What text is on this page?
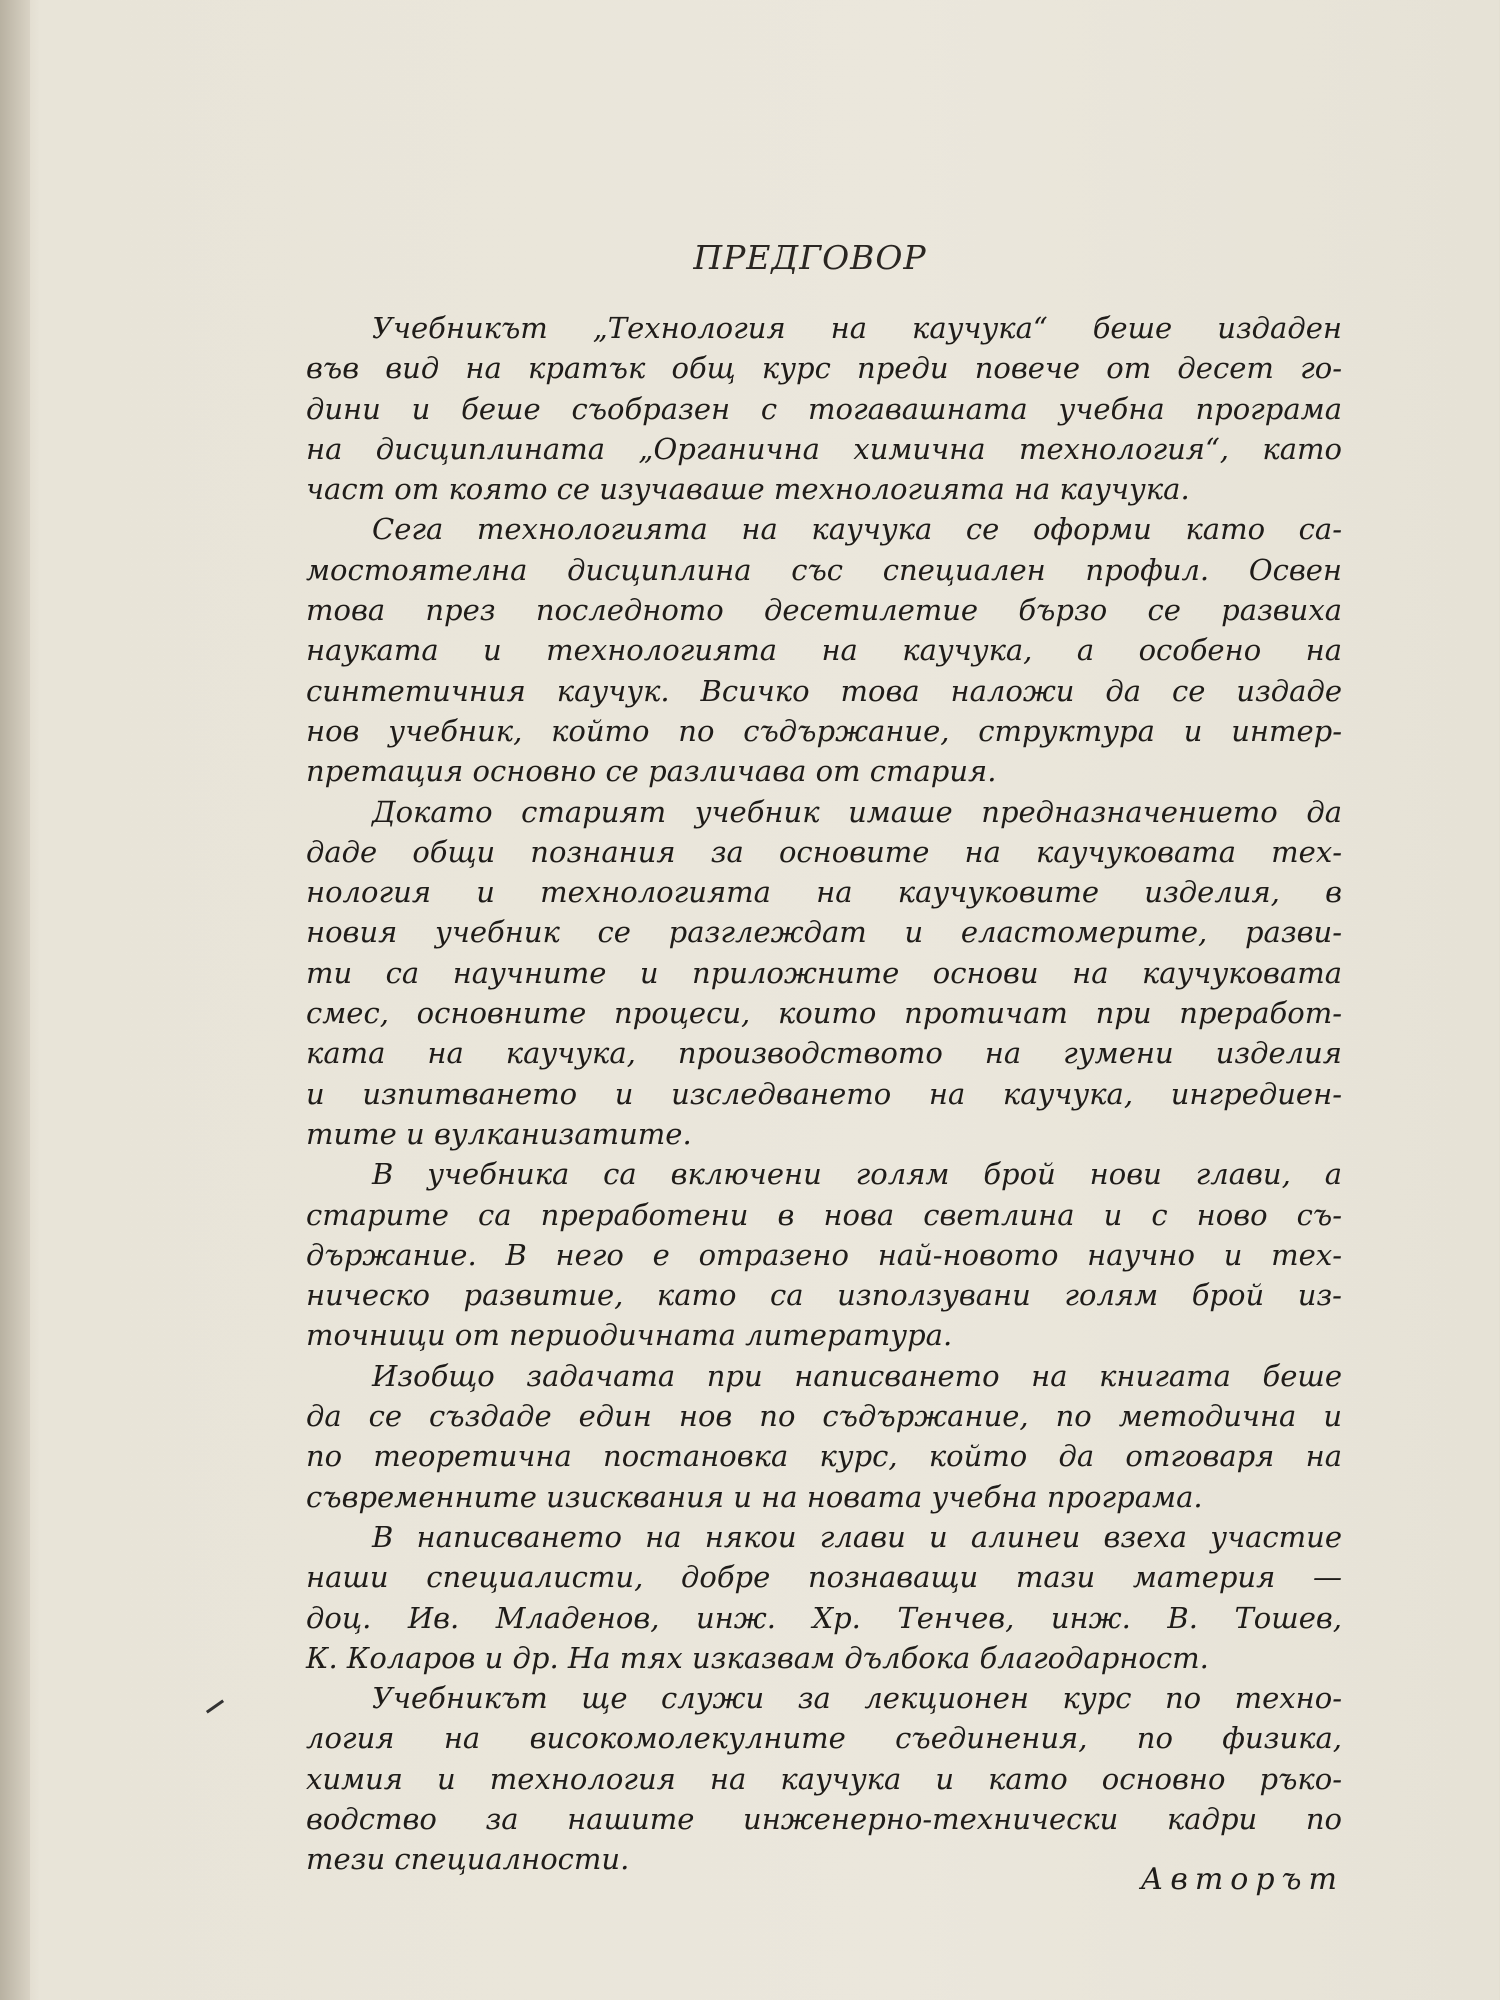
ПРЕДГОВОР
Учебникът „Технология на каучука“ беше издаден
във вид на кратък общ курс преди повече от десет го-
дини и беше съобразен с тогавашната учебна програма
на дисциплината „Органична химична технология“, като
част от която се изучаваше технологията на каучука.
Сега технологията на каучука се оформи като са-
мостоятелна дисциплина със специален профил. Освен
това през последното десетилетие бързо се развиха
науката и технологията на каучука, а особено на
синтетичния каучук. Всичко това наложи да се издаде
нов учебник, който по съдържание, структура и интер-
претация основно се различава от стария.
Докато старият учебник имаше предназначението да
даде общи познания за основите на каучуковата тех-
нология и технологията на каучуковите изделия, в
новия учебник се разглеждат и еластомерите, разви-
ти са научните и приложните основи на каучуковата
смес, основните процеси, които протичат при преработ-
ката на каучука, производството на гумени изделия
и изпитването и изследването на каучука, ингредиен-
тите и вулканизатите.
В учебника са включени голям брой нови глави, а
старите са преработени в нова светлина и с ново съ-
държание. В него е отразено най-новото научно и тех-
ническо развитие, като са използувани голям брой из-
точници от периодичната литература.
Изобщо задачата при написването на книгата беше
да се създаде един нов по съдържание, по методична и
по теоретична постановка курс, който да отговаря на
съвременните изисквания и на новата учебна програма.
В написването на някои глави и алинеи взеха участие
наши специалисти, добре познаващи тази материя —
доц. Ив. Младенов, инж. Хр. Тенчев, инж. В. Тошев,
К. Коларов и др. На тях изказвам дълбока благодарност.
Учебникът ще служи за лекционен курс по техно-
логия на високомолекулните съединения, по физика,
химия и технология на каучука и като основно ръко-
водство за нашите инженерно-технически кадри по
тези специалности.
Авторът
